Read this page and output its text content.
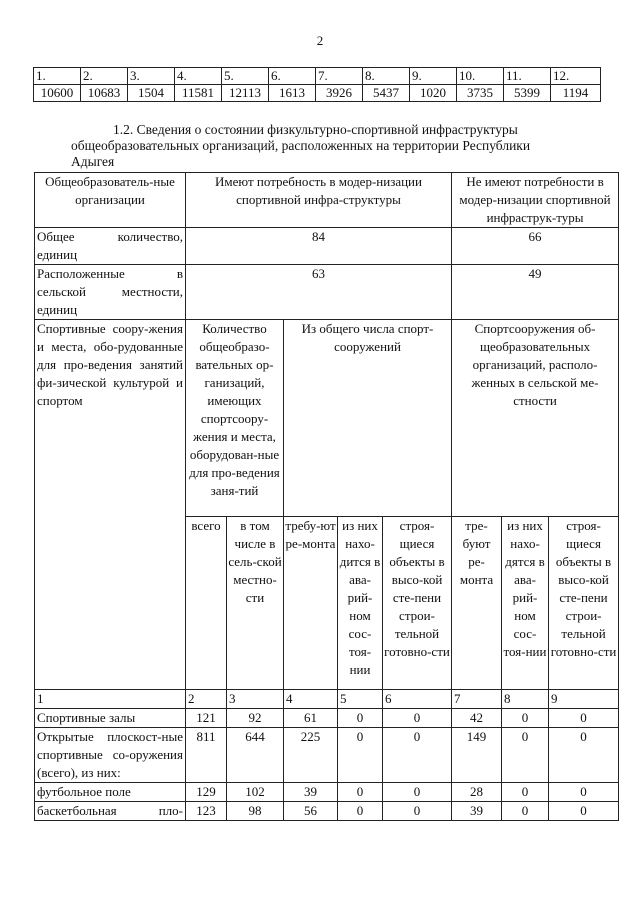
2
1.	2.	3.	4.	5.	6.	7.	8.	9.	10.	11.	12.
10600	10683	1504	11581	12113	1613	3926	5437	1020	3735	5399	1194
1.2. Сведения о состоянии физкультурно-спортивной инфраструктуры
общеобразовательных организаций, расположенных на территории Республики
Адыгея
Общеобразователь-ные организации	Имеют потребность в модер-низации спортивной инфра-структуры					Не имеют потребности в модер-низации спортивной инфраструк-туры		
Общее количество, единиц	84					66		
Расположенные в сельской местности, единиц	63					49		
Спортивные соору-жения и места, обо-рудованные для про-ведения занятий фи-зической культурой и спортом	Количество общеобразо-вательных ор-ганизаций, имеющих спортсоору-жения и места, оборудован-ные для про-ведения заня-тий		Из общего числа спорт-сооружений			Спортсооружения об-щеобразовательных организаций, располо-женных в сельской ме-стности		
	всего	в том числе в сель-ской местно-сти	требу-ют ре-монта	из них нахо-дится в ава-рий-ном сос-тоя-нии	строя-щиеся объекты в высо-кой сте-пени строи-тельной готовно-сти	тре-буют ре-монта	из них нахо-дятся в ава-рий-ном сос-тоя-нии	строя-щиеся объекты в высо-кой сте-пени строи-тельной готовно-сти
1	2	3	4	5	6	7	8	9
Спортивные залы	121	92	61	0	0	42	0	0
Открытые плоскост-ные спортивные со-оружения (всего), из них:	811	644	225	0	0	149	0	0
футбольное поле	129	102	39	0	0	28	0	0
баскетбольная пло-	123	98	56	0	0	39	0	0
